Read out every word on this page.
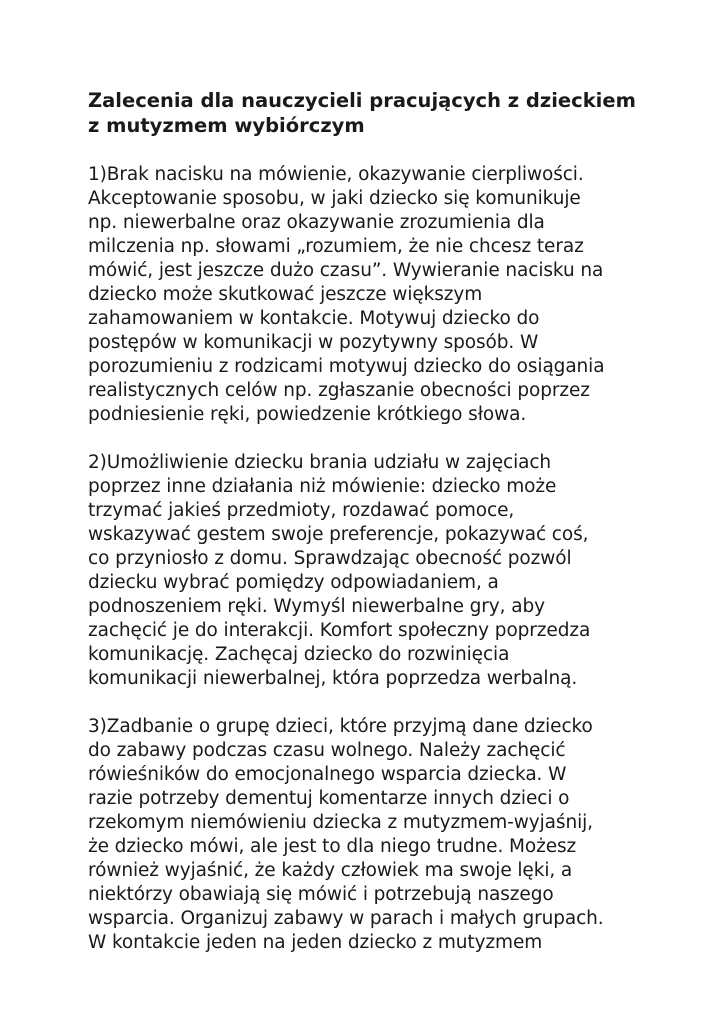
Zalecenia dla nauczycieli pracujących z dzieckiem
z mutyzmem wybiórczym

1)Brak nacisku na mówienie, okazywanie cierpliwości.
Akceptowanie sposobu, w jaki dziecko się komunikuje
np. niewerbalne oraz okazywanie zrozumienia dla
milczenia np. słowami „rozumiem, że nie chcesz teraz
mówić, jest jeszcze dużo czasu”. Wywieranie nacisku na
dziecko może skutkować jeszcze większym
zahamowaniem w kontakcie. Motywuj dziecko do
postępów w komunikacji w pozytywny sposób. W
porozumieniu z rodzicami motywuj dziecko do osiągania
realistycznych celów np. zgłaszanie obecności poprzez
podniesienie ręki, powiedzenie krótkiego słowa.

2)Umożliwienie dziecku brania udziału w zajęciach
poprzez inne działania niż mówienie: dziecko może
trzymać jakieś przedmioty, rozdawać pomoce,
wskazywać gestem swoje preferencje, pokazywać coś,
co przyniosło z domu. Sprawdzając obecność pozwól
dziecku wybrać pomiędzy odpowiadaniem, a
podnoszeniem ręki. Wymyśl niewerbalne gry, aby
zachęcić je do interakcji. Komfort społeczny poprzedza
komunikację. Zachęcaj dziecko do rozwinięcia
komunikacji niewerbalnej, która poprzedza werbalną.

3)Zadbanie o grupę dzieci, które przyjmą dane dziecko
do zabawy podczas czasu wolnego. Należy zachęcić
rówieśników do emocjonalnego wsparcia dziecka. W
razie potrzeby dementuj komentarze innych dzieci o
rzekomym niemówieniu dziecka z mutyzmem-wyjaśnij,
że dziecko mówi, ale jest to dla niego trudne. Możesz
również wyjaśnić, że każdy człowiek ma swoje lęki, a
niektórzy obawiają się mówić i potrzebują naszego
wsparcia. Organizuj zabawy w parach i małych grupach.
W kontakcie jeden na jeden dziecko z mutyzmem
